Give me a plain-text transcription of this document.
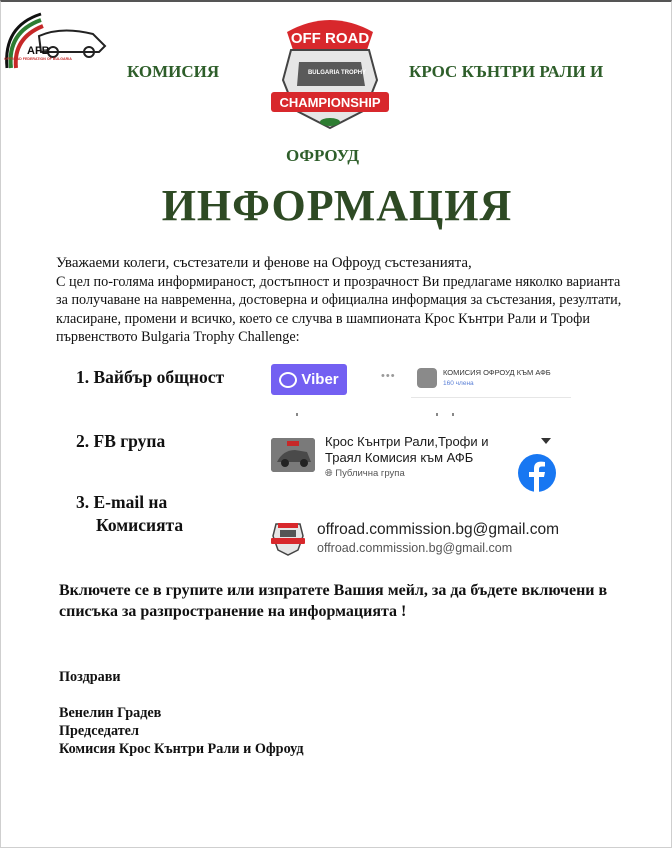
AFB
OFFROAD FEDERATION OF BULGARIA
КОМИСИЯ	КРОС КЪНТРИ РАЛИ И
ОФРОУД
OFF ROAD
BULGARIA TROPHY
CHAMPIONSHIP
ИНФОРМАЦИЯ
Уважаеми колеги, състезатели и фенове на Офроуд състезанията,
С цел по-голяма информираност, достъпност и прозрачност Ви предлагаме няколко варианта за получаване на навременна, достоверна и официална информация за състезания, резултати, класиране, промени и всичко, което се случва в шампионата Крос Кънтри Рали и Трофи първенството Bulgaria Trophy Challenge:
1. Вайбър общност	Viber	•••	КОМИСИЯ ОФРОУД КЪМ АФБ
160 члена
2. FB група	Крос Кънтри Рали,Трофи и
Траял Комисия към АФБ
🌐︎ Публична група
3. E-mail на
Комисията	offroad.commission.bg@gmail.com
offroad.commission.bg@gmail.com
Включете се в групите или изпратете Вашия мейл, за да бъдете включени в списъка за разпространение на информацията !
Поздрави
Венелин Градев
Председател
Комисия Крос Кънтри Рали и Офроуд
